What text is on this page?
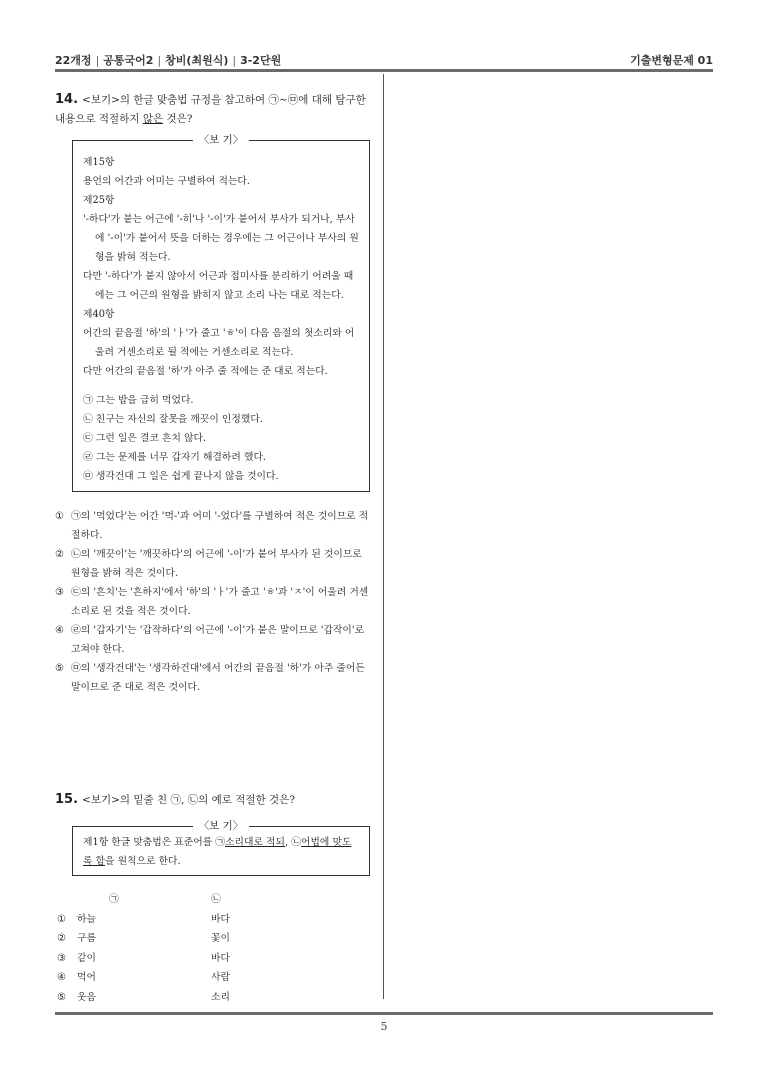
22개정 | 공통국어2 | 창비(최원식) | 3-2단원	기출변형문제 01
14. <보기>의 한글 맞춤법 규정을 참고하여 ㉠~㉤에 대해 탐구한 내용으로 적절하지 않은 것은?
〈보 기〉
제15항
용언의 어간과 어미는 구별하여 적는다.
제25항
'-하다'가 붙는 어근에 '-히'나 '-이'가 붙어서 부사가 되거나, 부사에 '-이'가 붙어서 뜻을 더하는 경우에는 그 어근이나 부사의 원형을 밝혀 적는다.
다만 '-하다'가 붙지 않아서 어근과 접미사를 분리하기 어려울 때에는 그 어근의 원형을 밝히지 않고 소리 나는 대로 적는다.
제40항
어간의 끝음절 '하'의 'ㅏ'가 줄고 'ㅎ'이 다음 음절의 첫소리와 어울려 거센소리로 될 적에는 거센소리로 적는다.
다만 어간의 끝음절 '하'가 아주 줄 적에는 준 대로 적는다.
㉠ 그는 밥을 급히 먹었다.
㉡ 친구는 자신의 잘못을 깨끗이 인정했다.
㉢ 그런 일은 결코 흔치 않다.
㉣ 그는 문제를 너무 갑자기 해결하려 했다.
㉤ 생각건대 그 일은 쉽게 끝나지 않을 것이다.
① ㉠의 '먹었다'는 어간 '먹-'과 어미 '-었다'를 구별하여 적은 것이므로 적절하다.
② ㉡의 '깨끗이'는 '깨끗하다'의 어근에 '-이'가 붙어 부사가 된 것이므로 원형을 밝혀 적은 것이다.
③ ㉢의 '흔치'는 '흔하지'에서 '하'의 'ㅏ'가 줄고 'ㅎ'과 'ㅈ'이 어울려 거센소리로 된 것을 적은 것이다.
④ ㉣의 '갑자기'는 '갑작하다'의 어근에 '-이'가 붙은 말이므로 '갑작이'로 고쳐야 한다.
⑤ ㉤의 '생각건대'는 '생각하건대'에서 어간의 끝음절 '하'가 아주 줄어든 말이므로 준 대로 적은 것이다.
15. <보기>의 밑줄 친 ㉠, ㉡의 예로 적절한 것은?
〈보 기〉
제1항 한글 맞춤법은 표준어를 ㉠소리대로 적되, ㉡어법에 맞도록 함을 원칙으로 한다.
㉠	㉡
①	하늘	바다
②	구름	꽃이
③	같이	바다
④	먹어	사람
⑤	웃음	소리
5
